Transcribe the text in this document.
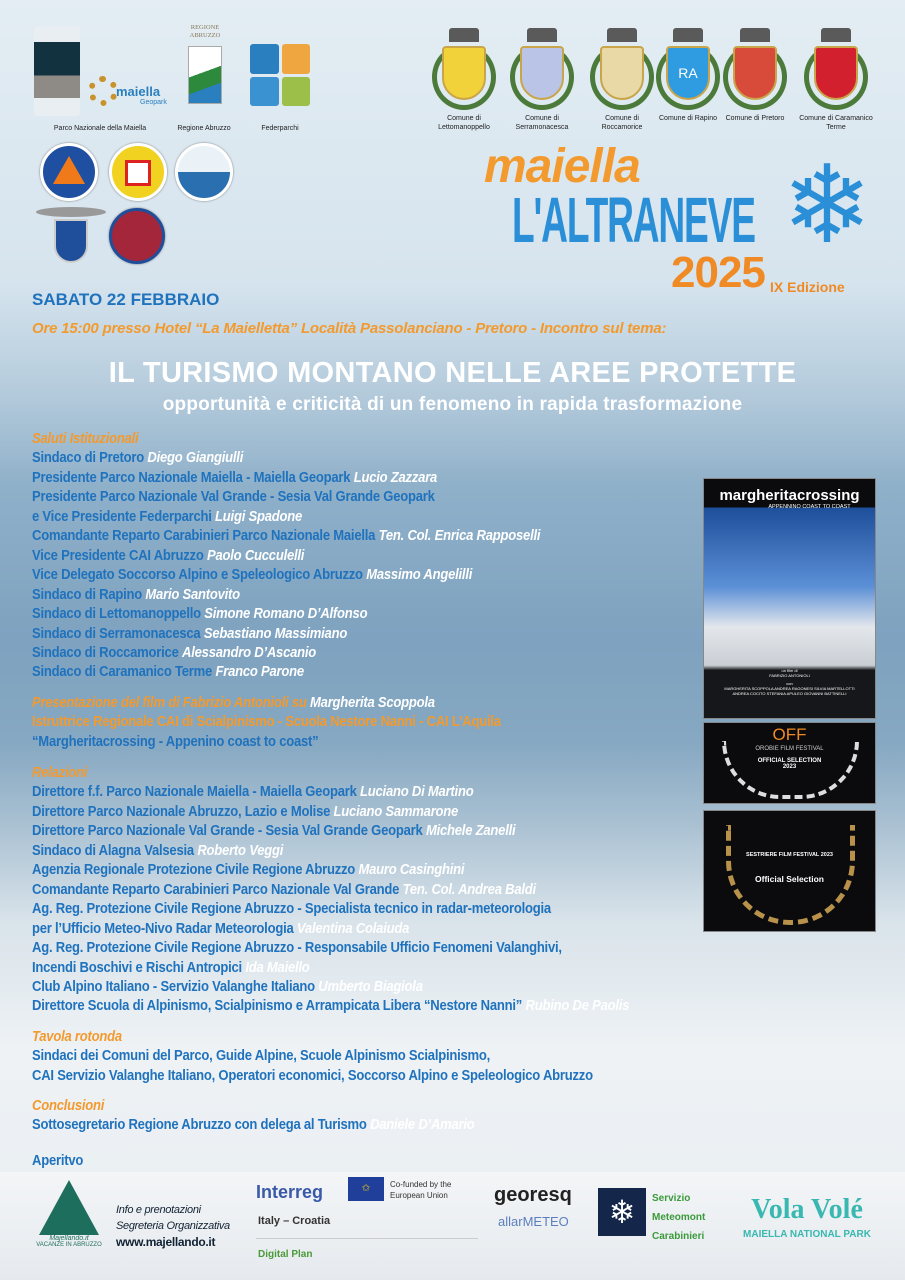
maiella
Geopark
Parco Nazionale della Maiella
REGIONE ABRUZZO
Regione Abruzzo	Federparchi
Comune di Lettomanoppello
Comune di Serramonacesca
Comune di Roccamorice
RA
Comune di Rapino Comune di Pretoro	Comune di Caramanico Terme
maiella
L'ALTRANEVE ❄
2025 IX Edizione
SABATO 22 FEBBRAIO
Ore 15:00 presso Hotel “La Maielletta” Località Passolanciano - Pretoro - Incontro sul tema:
IL TURISMO MONTANO NELLE AREE PROTETTE
opportunità e criticità di un fenomeno in rapida trasformazione
Saluti Istituzionali
Sindaco di Pretoro Diego Giangiulli
Presidente Parco Nazionale Maiella - Maiella Geopark Lucio Zazzara
Presidente Parco Nazionale Val Grande - Sesia Val Grande Geopark
e Vice Presidente Federparchi Luigi Spadone
Comandante Reparto Carabinieri Parco Nazionale Maiella Ten. Col. Enrica Rapposelli
Vice Presidente CAI Abruzzo Paolo Cucculelli
Vice Delegato Soccorso Alpino e Speleologico Abruzzo Massimo Angelilli
Sindaco di Rapino Mario Santovito
Sindaco di Lettomanoppello Simone Romano D’Alfonso
Sindaco di Serramonacesca Sebastiano Massimiano
Sindaco di Roccamorice Alessandro D’Ascanio
Sindaco di Caramanico Terme Franco Parone
Presentazione del film di Fabrizio Antonioli su Margherita Scoppola
Istruttrice Regionale CAI di Scialpinismo - Scuola Nestore Nanni - CAI L’Aquila
“Margheritacrossing - Appenino coast to coast”
Relazioni
Direttore f.f. Parco Nazionale Maiella - Maiella Geopark Luciano Di Martino
Direttore Parco Nazionale Abruzzo, Lazio e Molise Luciano Sammarone
Direttore Parco Nazionale Val Grande - Sesia Val Grande Geopark Michele Zanelli
Sindaco di Alagna Valsesia Roberto Veggi
Agenzia Regionale Protezione Civile Regione Abruzzo Mauro Casinghini
Comandante Reparto Carabinieri Parco Nazionale Val Grande Ten. Col. Andrea Baldi
Ag. Reg. Protezione Civile Regione Abruzzo - Specialista tecnico in radar-meteorologia
per l’Ufficio Meteo-Nivo Radar Meteorologia Valentina Colaiuda
Ag. Reg. Protezione Civile Regione Abruzzo - Responsabile Ufficio Fenomeni Valanghivi,
Incendi Boschivi e Rischi Antropici Ida Maiello
Club Alpino Italiano - Servizio Valanghe Italiano Umberto Biagiola
Direttore Scuola di Alpinismo, Scialpinismo e Arrampicata Libera “Nestore Nanni” Rubino De Paolis
Tavola rotonda
Sindaci dei Comuni del Parco, Guide Alpine, Scuole Alpinismo Scialpinismo,
CAI Servizio Valanghe Italiano, Operatori economici, Soccorso Alpino e Speleologico Abruzzo
Conclusioni
Sottosegretario Regione Abruzzo con delega al Turismo Daniele D’Amario
Aperitvo
margheritacrossing
APPENNINO COAST TO COAST
un film di
FABRIZIO ANTONIOLI
con
MARGHERITA SCOPPOLA ANDREA RAGONESI SILVIA MARTELLOTTI
ANDREA COCITO STEFANIA APULEO GIOVANNI BATTINELLI
OFF
OROBIE FILM FESTIVAL
OFFICIAL SELECTION
2023
SESTRIERE FILM FESTIVAL 2023
Official Selection
Majellando.it
VACANZE IN ABRUZZO
Info e prenotazioni
Segreteria Organizzativa
www.majellando.it
Interreg	✩	Co-funded by the European Union
Italy – Croatia
Digital Plan
georesq
allarMETEO	❄	Servizio
Meteomont
Carabinieri
Vola Volé
MAIELLA NATIONAL PARK
